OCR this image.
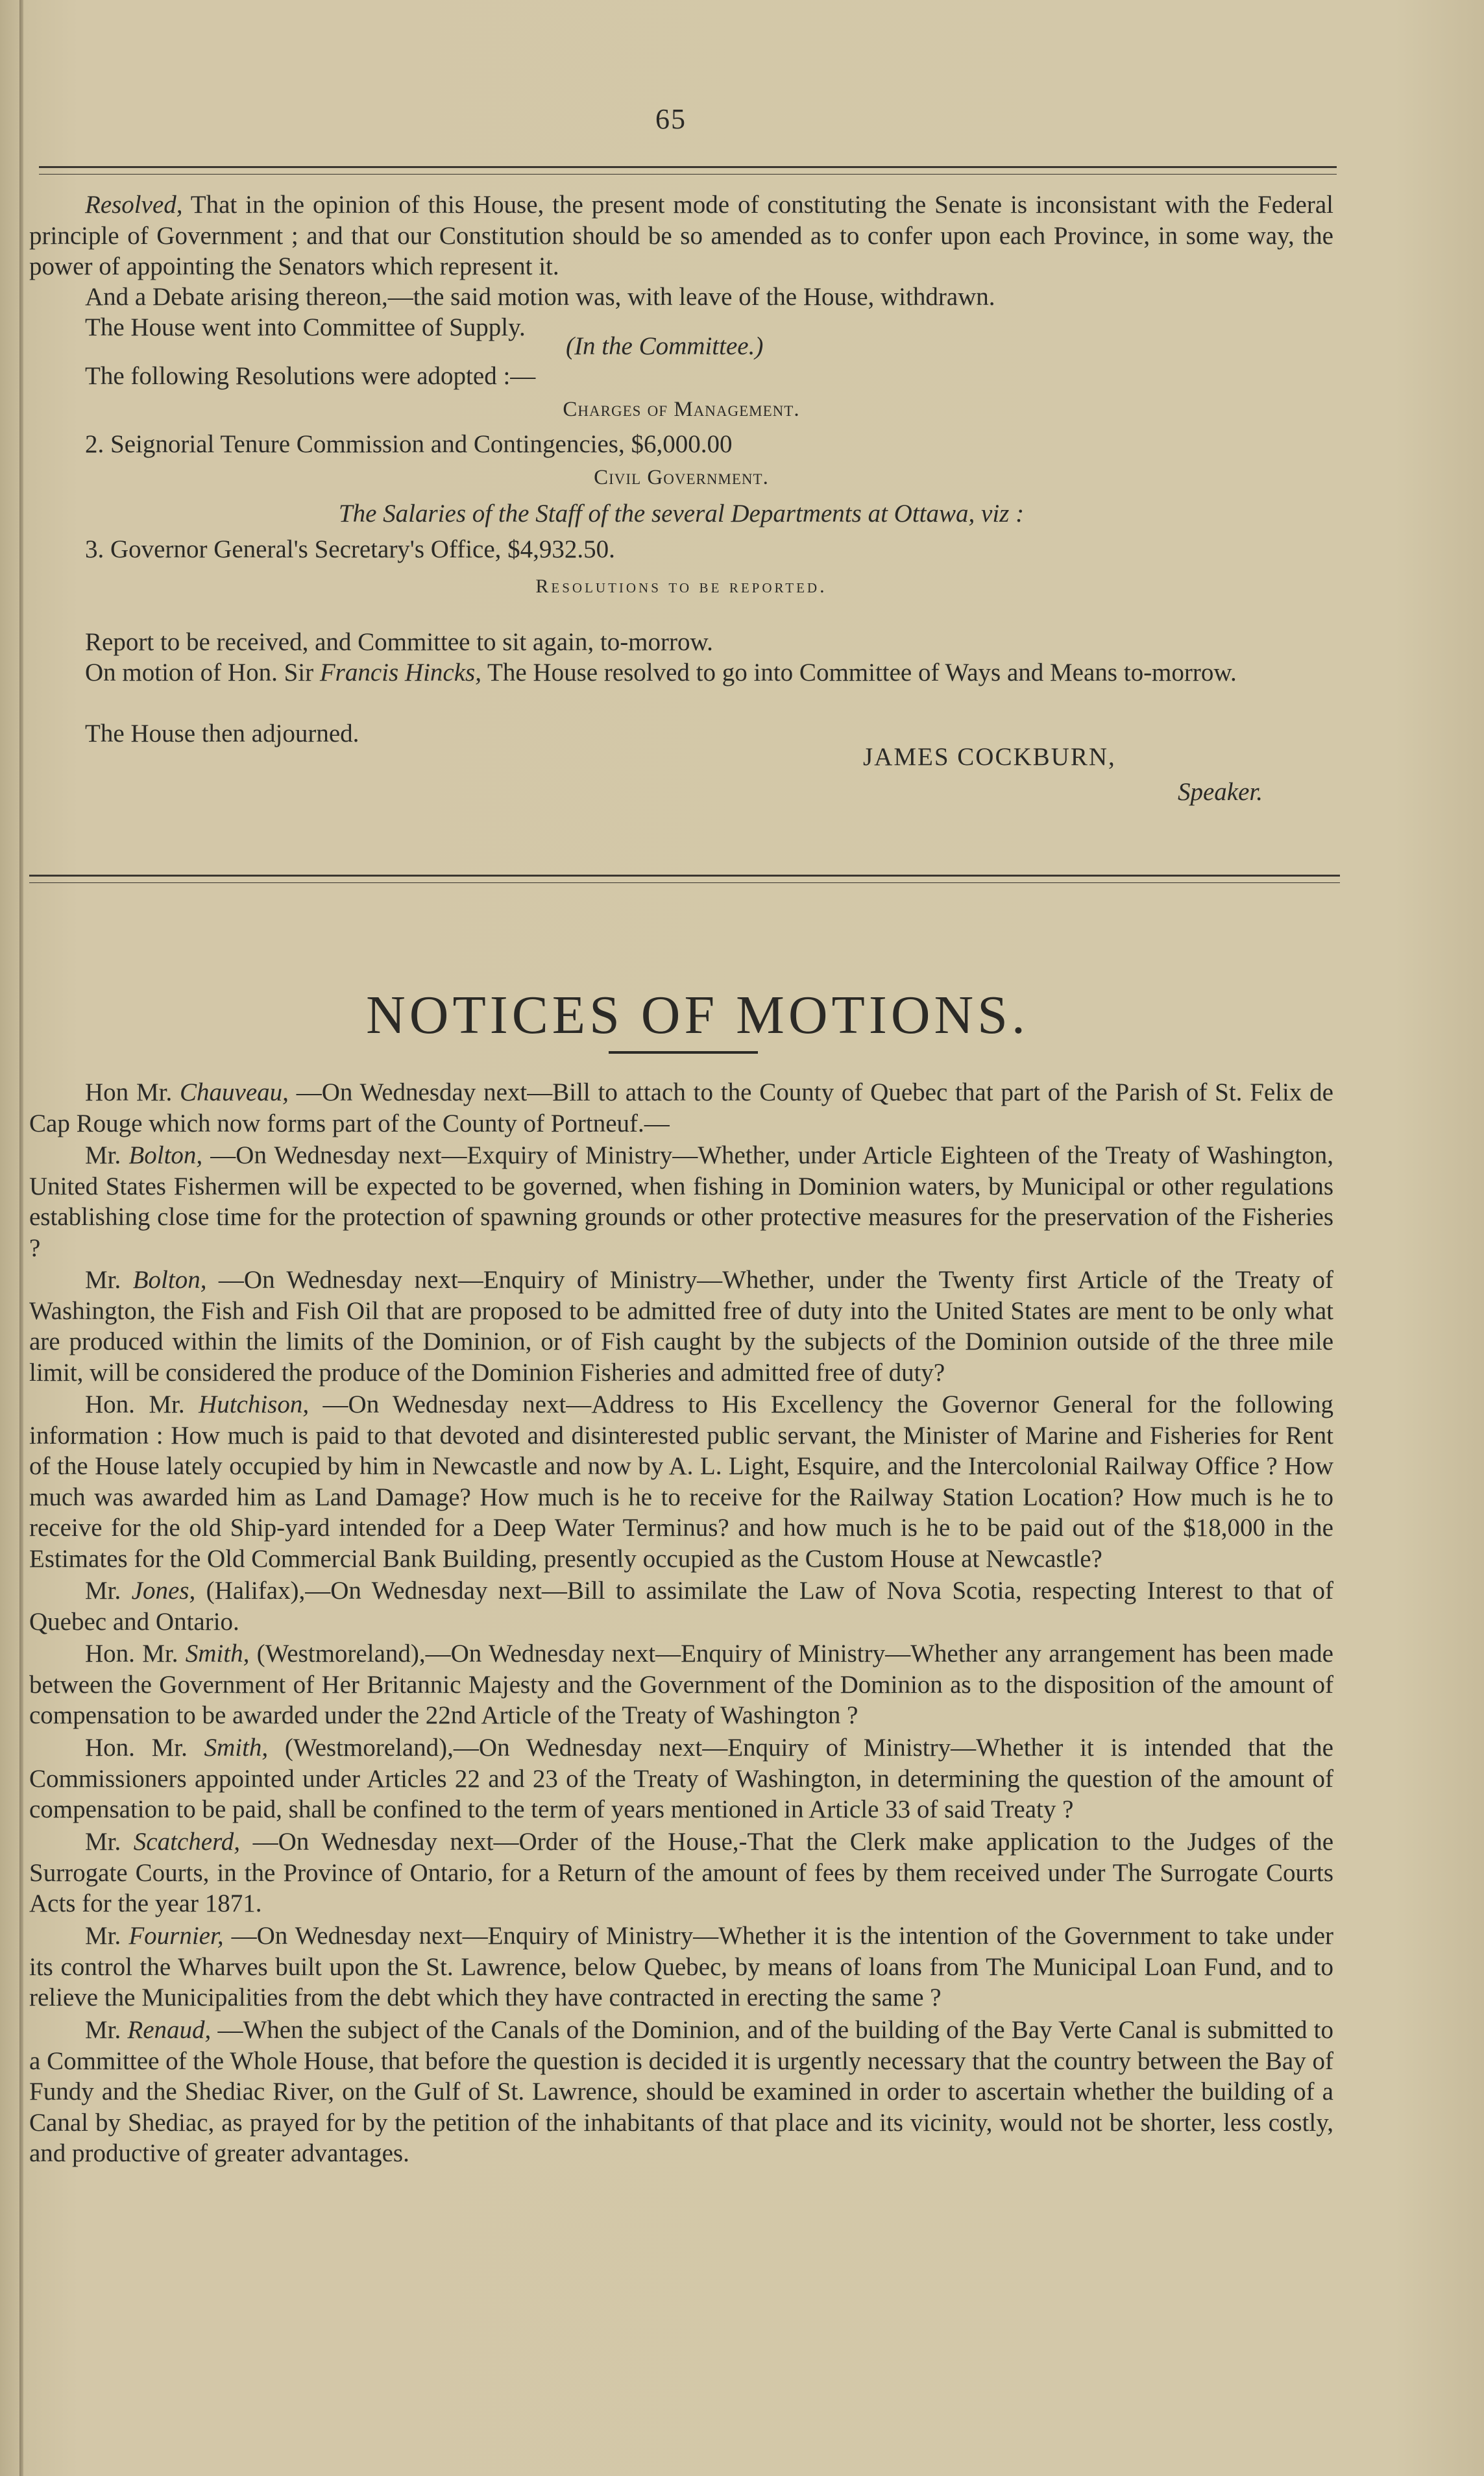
65
Resolved, That in the opinion of this House, the present mode of constituting the Senate is inconsistant with the Federal principle of Government ; and that our Constitution should be so amended as to confer upon each Province, in some way, the power of appointing the Senators which represent it.
And a Debate arising thereon,—the said motion was, with leave of the House, withdrawn.
The House went into Committee of Supply.
(In the Committee.)
The following Resolutions were adopted :—
Charges of Management.
2. Seignorial Tenure Commission and Contingencies, $6,000.00
Civil Government.
The Salaries of the Staff of the several Departments at Ottawa, viz :
3. Governor General's Secretary's Office, $4,932.50.
Resolutions to be reported.
Report to be received, and Committee to sit again, to-morrow.
On motion of Hon. Sir Francis Hincks, The House resolved to go into Committee of Ways and Means to-morrow.
The House then adjourned.
JAMES COCKBURN,
Speaker.
NOTICES OF MOTIONS.
Hon Mr. Chauveau, —On Wednesday next—Bill to attach to the County of Quebec that part of the Parish of St. Felix de Cap Rouge which now forms part of the County of Portneuf.—
Mr. Bolton, —On Wednesday next—Exquiry of Ministry—Whether, under Article Eighteen of the Treaty of Washington, United States Fishermen will be expected to be governed, when fishing in Dominion waters, by Municipal or other regulations establishing close time for the protection of spawning grounds or other protective measures for the preservation of the Fisheries ?
Mr. Bolton, —On Wednesday next—Enquiry of Ministry—Whether, under the Twenty first Article of the Treaty of Washington, the Fish and Fish Oil that are proposed to be admitted free of duty into the United States are ment to be only what are produced within the limits of the Dominion, or of Fish caught by the subjects of the Dominion outside of the three mile limit, will be considered the produce of the Dominion Fisheries and admitted free of duty?
Hon. Mr. Hutchison, —On Wednesday next—Address to His Excellency the Governor General for the following information : How much is paid to that devoted and disinterested public servant, the Minister of Marine and Fisheries for Rent of the House lately occupied by him in Newcastle and now by A. L. Light, Esquire, and the Intercolonial Railway Office ? How much was awarded him as Land Damage? How much is he to receive for the Railway Station Location? How much is he to receive for the old Ship-yard intended for a Deep Water Terminus? and how much is he to be paid out of the $18,000 in the Estimates for the Old Commercial Bank Building, presently occupied as the Custom House at Newcastle?
Mr. Jones, (Halifax),—On Wednesday next—Bill to assimilate the Law of Nova Scotia, respecting Interest to that of Quebec and Ontario.
Hon. Mr. Smith, (Westmoreland),—On Wednesday next—Enquiry of Ministry—Whether any arrangement has been made between the Government of Her Britannic Majesty and the Government of the Dominion as to the disposition of the amount of compensation to be awarded under the 22nd Article of the Treaty of Washington ?
Hon. Mr. Smith, (Westmoreland),—On Wednesday next—Enquiry of Ministry—Whether it is intended that the Commissioners appointed under Articles 22 and 23 of the Treaty of Washington, in determining the question of the amount of compensation to be paid, shall be confined to the term of years mentioned in Article 33 of said Treaty ?
Mr. Scatcherd, —On Wednesday next—Order of the House,-That the Clerk make application to the Judges of the Surrogate Courts, in the Province of Ontario, for a Return of the amount of fees by them received under The Surrogate Courts Acts for the year 1871.
Mr. Fournier, —On Wednesday next—Enquiry of Ministry—Whether it is the intention of the Government to take under its control the Wharves built upon the St. Lawrence, below Quebec, by means of loans from The Municipal Loan Fund, and to relieve the Municipalities from the debt which they have contracted in erecting the same ?
Mr. Renaud, —When the subject of the Canals of the Dominion, and of the building of the Bay Verte Canal is submitted to a Committee of the Whole House, that before the question is decided it is urgently necessary that the country between the Bay of Fundy and the Shediac River, on the Gulf of St. Lawrence, should be examined in order to ascertain whether the building of a Canal by Shediac, as prayed for by the petition of the inhabitants of that place and its vicinity, would not be shorter, less costly, and productive of greater advantages.
